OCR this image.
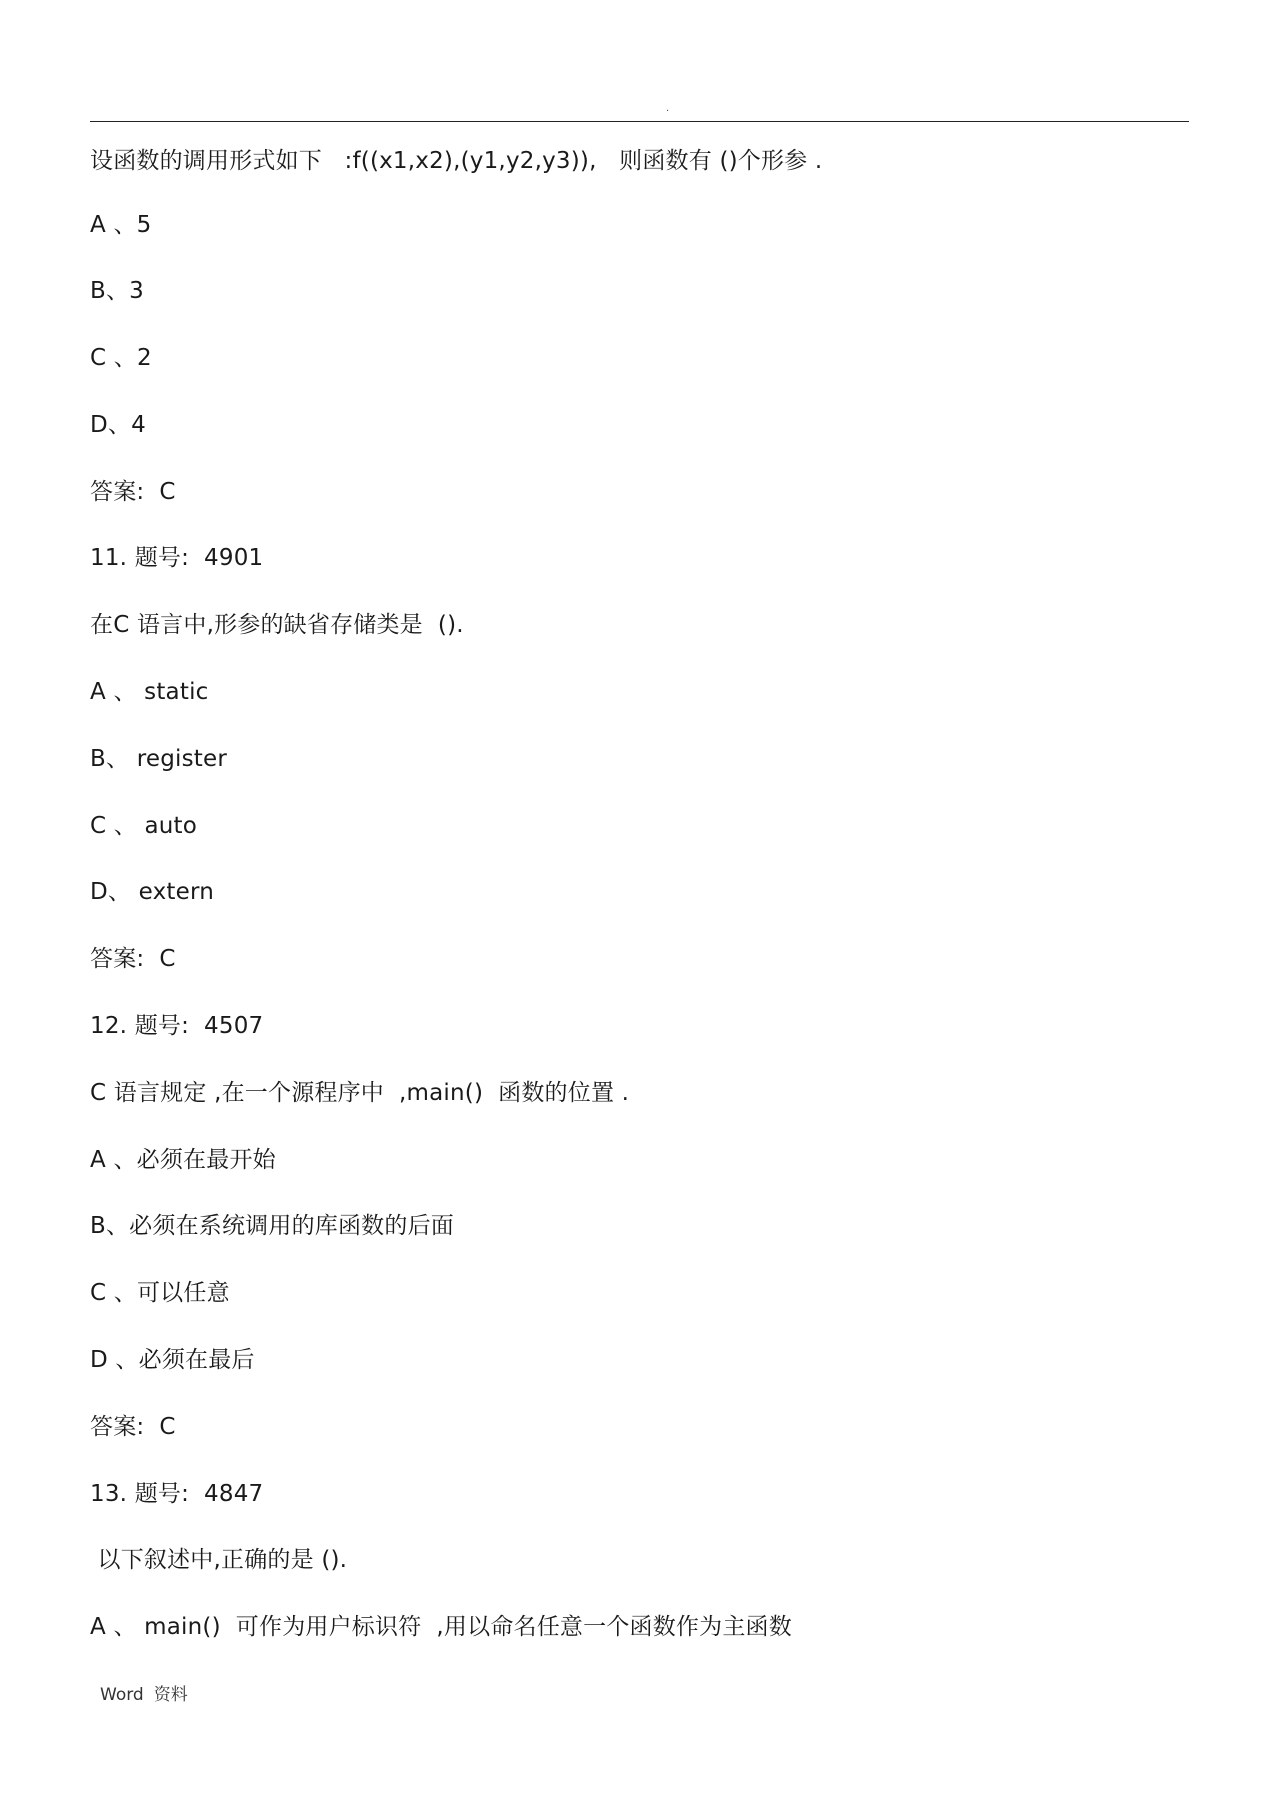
.
设函数的调用形式如下   :f((x1,x2),(y1,y2,y3)),   则函数有 ()个形参 .
A 、5
B、3
C 、2
D、4
答案:  C
11. 题号:  4901
在C 语言中,形参的缺省存储类是  ().
A 、 static
B、 register
C 、 auto
D、 extern
答案:  C
12. 题号:  4507
C 语言规定 ,在一个源程序中  ,main()  函数的位置 .
A 、必须在最开始
B、必须在系统调用的库函数的后面
C 、可以任意
D 、必须在最后
答案:  C
13. 题号:  4847
以下叙述中,正确的是 ().
A 、 main()  可作为用户标识符  ,用以命名任意一个函数作为主函数
Word 资料
